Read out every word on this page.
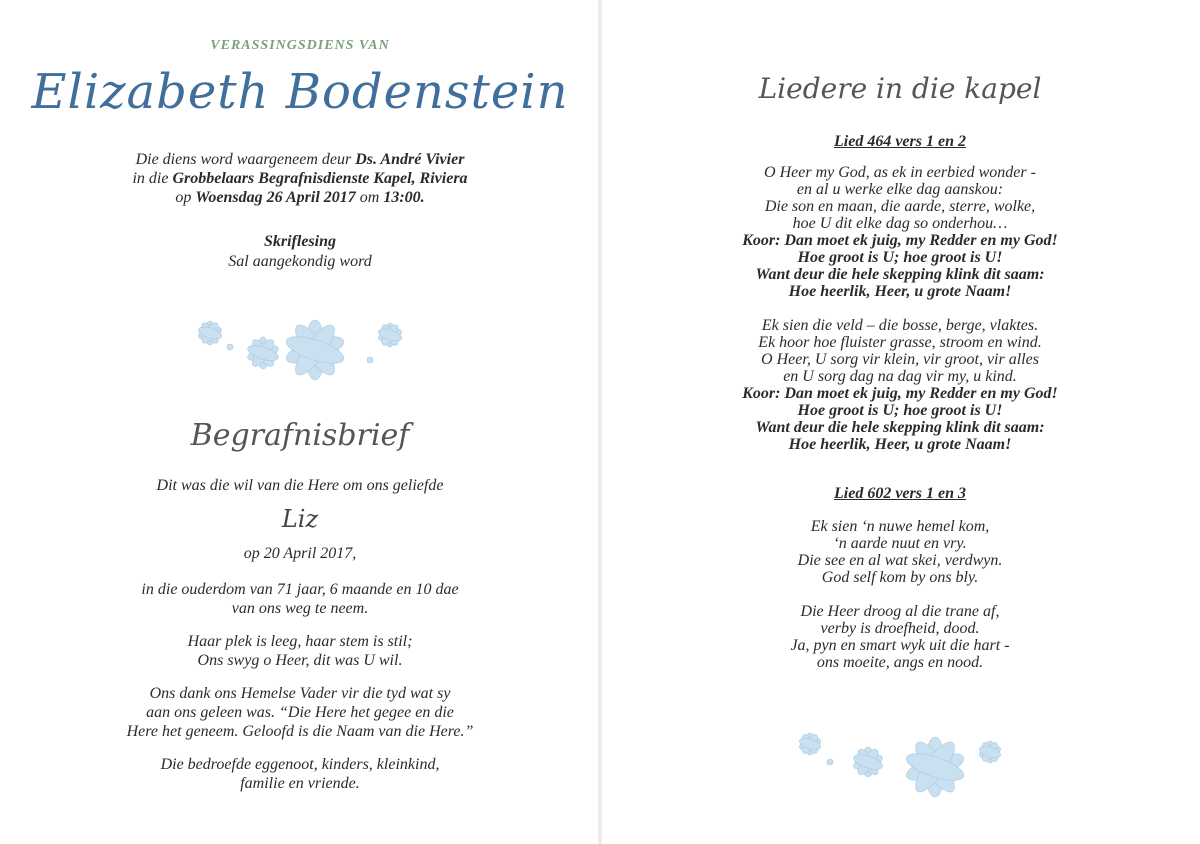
VERASSINGSDIENS VAN
Elizabeth Bodenstein
Die diens word waargeneem deur Ds. André Vivier
in die Grobbelaars Begrafnisdienste Kapel, Riviera
op Woensdag 26 April 2017 om 13:00.
Skriflesing
Sal aangekondig word
Begrafnisbrief
Dit was die wil van die Here om ons geliefde
Liz
op 20 April 2017,
in die ouderdom van 71 jaar, 6 maande en 10 dae
van ons weg te neem.
Haar plek is leeg, haar stem is stil;
Ons swyg o Heer, dit was U wil.
Ons dank ons Hemelse Vader vir die tyd wat sy
aan ons geleen was. “Die Here het gegee en die
Here het geneem. Geloofd is die Naam van die Here.”
Die bedroefde eggenoot, kinders, kleinkind,
familie en vriende.
Liedere in die kapel
Lied 464 vers 1 en 2
O Heer my God, as ek in eerbied wonder -
en al u werke elke dag aanskou:
Die son en maan, die aarde, sterre, wolke,
hoe U dit elke dag so onderhou…
Koor: Dan moet ek juig, my Redder en my God!
Hoe groot is U; hoe groot is U!
Want deur die hele skepping klink dit saam:
Hoe heerlik, Heer, u grote Naam!
Ek sien die veld – die bosse, berge, vlaktes.
Ek hoor hoe fluister grasse, stroom en wind.
O Heer, U sorg vir klein, vir groot, vir alles
en U sorg dag na dag vir my, u kind.
Koor: Dan moet ek juig, my Redder en my God!
Hoe groot is U; hoe groot is U!
Want deur die hele skepping klink dit saam:
Hoe heerlik, Heer, u grote Naam!
Lied 602 vers 1 en 3
Ek sien ‘n nuwe hemel kom,
‘n aarde nuut en vry.
Die see en al wat skei, verdwyn.
God self kom by ons bly.
Die Heer droog al die trane af,
verby is droefheid, dood.
Ja, pyn en smart wyk uit die hart -
ons moeite, angs en nood.
